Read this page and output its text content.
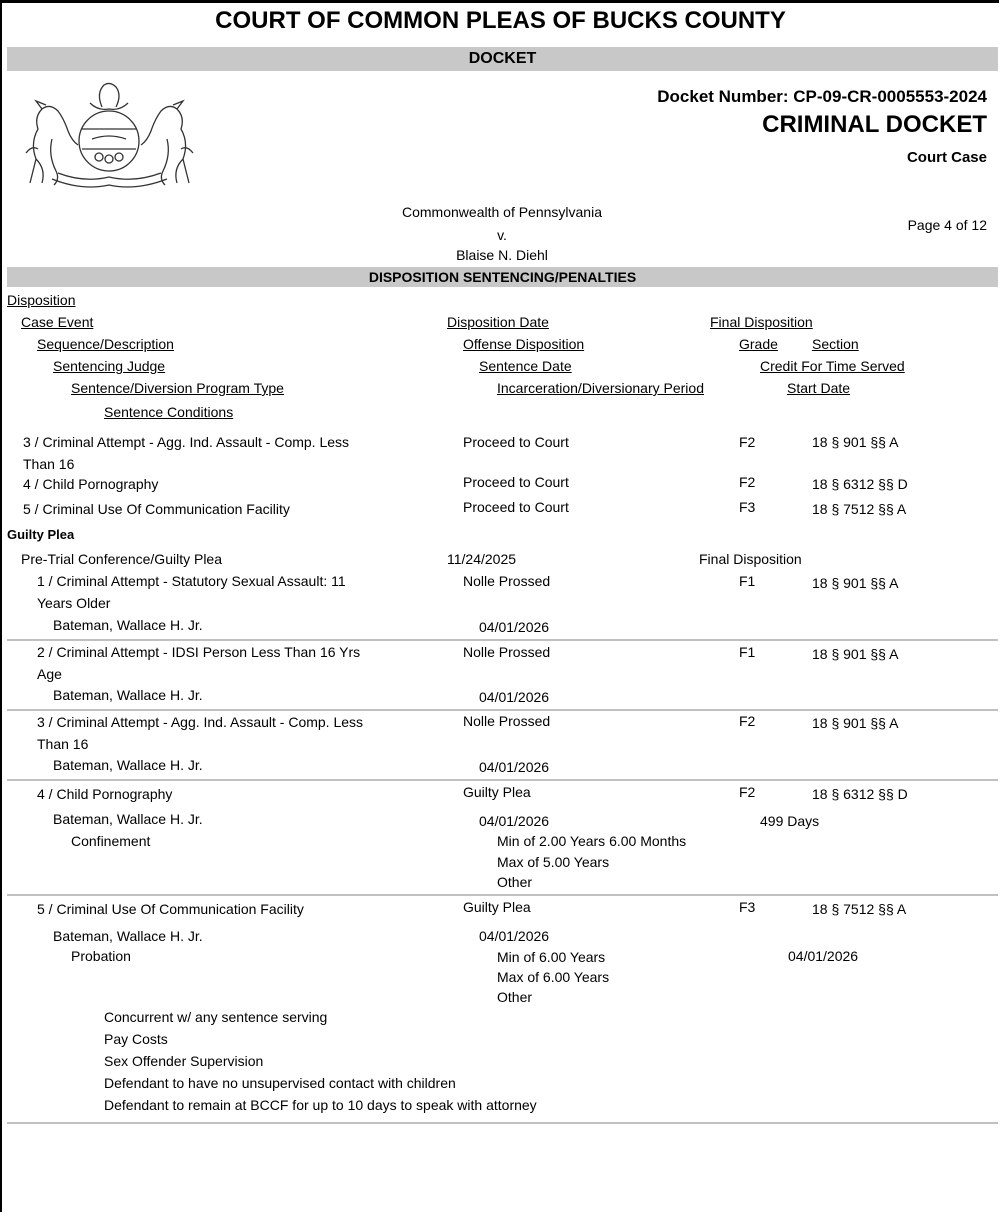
COURT OF COMMON PLEAS OF BUCKS COUNTY
DOCKET
Docket Number: CP-09-CR-0005553-2024
CRIMINAL DOCKET
Court Case
Commonwealth of Pennsylvania
v.
Blaise N. Diehl
Page 4 of 12
DISPOSITION SENTENCING/PENALTIES
Disposition
Case Event	Disposition Date	Final Disposition
Sequence/Description	Offense Disposition	Grade Section
Sentencing Judge	Sentence Date	Credit For Time Served
Sentence/Diversion Program Type	Incarceration/Diversionary Period	Start Date
Sentence Conditions
3 / Criminal Attempt - Agg. Ind. Assault - Comp. Less
Than 16
Proceed to Court	F2	18 § 901 §§ A
4 / Child Pornography	Proceed to Court	F2	18 § 6312 §§ D
5 / Criminal Use Of Communication Facility	Proceed to Court	F3	18 § 7512 §§ A
Guilty Plea
Pre-Trial Conference/Guilty Plea	11/24/2025	Final Disposition
1 / Criminal Attempt - Statutory Sexual Assault: 11
Years Older
Nolle Prossed	F1	18 § 901 §§ A
Bateman, Wallace H. Jr.	04/01/2026
2 / Criminal Attempt - IDSI Person Less Than 16 Yrs
Age
Nolle Prossed	F1	18 § 901 §§ A
Bateman, Wallace H. Jr.	04/01/2026
3 / Criminal Attempt - Agg. Ind. Assault - Comp. Less
Than 16
Nolle Prossed	F2	18 § 901 §§ A
Bateman, Wallace H. Jr.	04/01/2026
4 / Child Pornography	Guilty Plea	F2	18 § 6312 §§ D
Bateman, Wallace H. Jr.	04/01/2026	499 Days
Confinement	Min of 2.00 Years 6.00 Months
Max of 5.00 Years
Other
5 / Criminal Use Of Communication Facility	Guilty Plea	F3	18 § 7512 §§ A
Bateman, Wallace H. Jr.	04/01/2026
Probation	Min of 6.00 Years	04/01/2026
Max of 6.00 Years
Other
Concurrent w/ any sentence serving
Pay Costs
Sex Offender Supervision
Defendant to have no unsupervised contact with children
Defendant to remain at BCCF for up to 10 days to speak with attorney
